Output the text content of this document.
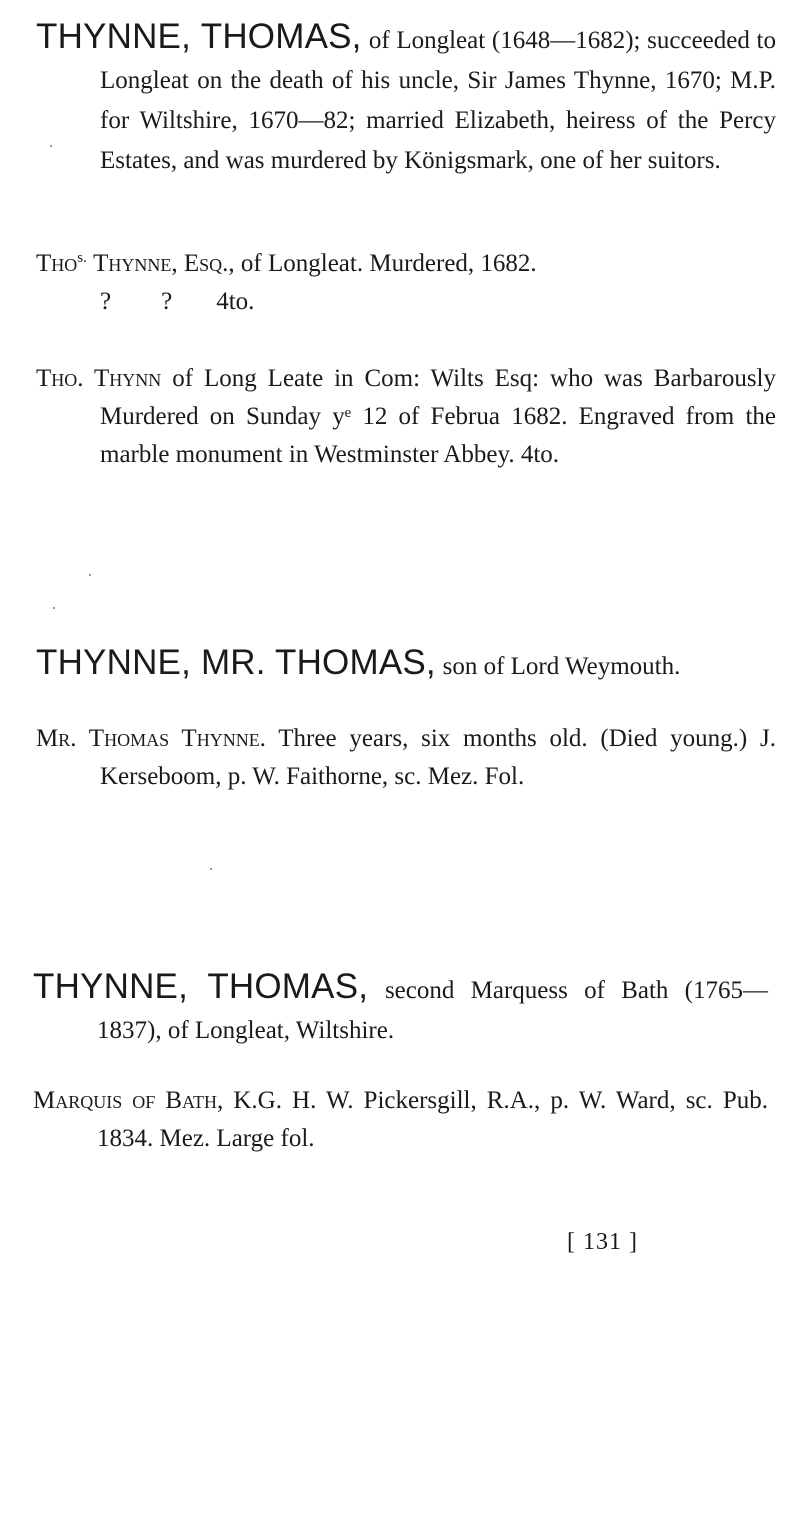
THYNNE, THOMAS, of Longleat (1648—1682); succeeded to Longleat on the death of his uncle, Sir James Thynne, 1670; M.P. for Wiltshire, 1670—82; married Elizabeth, heiress of the Percy Estates, and was murdered by Königsmark, one of her suitors.

Tho$^{s.}$ Thynne, Esq., of Longleat. Murdered, 1682.

? ? 4to.

Tho. Thynn of Long Leate in Com: Wilts Esq: who was Barbarously Murdered on Sunday yᵉ 12 of Februa 1682. Engraved from the marble monument in Westminster Abbey. 4to.

THYNNE, MR. THOMAS, son of Lord Weymouth.

Mr. Thomas Thynne. Three years, six months old. (Died young.) J. Kerseboom, p. W. Faithorne, sc. Mez. Fol.

THYNNE, THOMAS, second Marquess of Bath (1765—1837), of Longleat, Wiltshire.

Marquis of Bath, K.G. H. W. Pickersgill, R.A., p. W. Ward, sc. Pub. 1834. Mez. Large fol.

[ 131 ]
